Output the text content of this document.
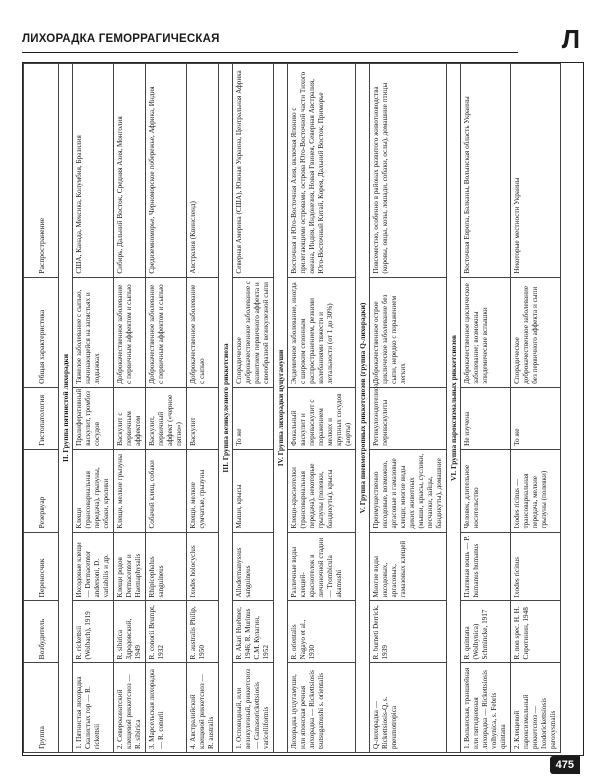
ЛИХОРАДКА ГЕМОРРАГИЧЕСКАЯ	Л
Группа	Возбудитель	Переносчик	Резервуар	Гистопатология	Общая характеристика	Распространение
II. Группа пятнистой лихорадки						
1. Пятнистая лихорадка Скалистых гор — R. rickettsii	R. rickettsii (Wolbach), 1919	Иксодовые клещи — Dermacentor andersoni, D. variabilis и др.	Клещи (трансовариальная передача), грызуны, собаки, кролики	Пролиферативный васкулит, тромбоз сосудов	Тяжелое заболевание с сыпью, начинающейся на запястьях и лодыжках	США, Канада, Мексика, Колумбия, Бразилия
2. Североазиатский клещевой риккетсиоз — R. sibirica	R. sibirica Здродовский, 1949	Клещи родов Dermacentor и Haemaphysalis	Клещи, мелкие грызуны	Васкулит с первичным аффектом	Доброкачественное заболевание с первичным аффектом и сыпью	Сибирь, Дальний Восток, Средняя Азия, Монголия
3. Марсельская лихорадка — R. conorii	R. conorii Brumpt, 1932	Rhipicephalus sanguineus	Собачий клещ, собаки	Васкулит, первичный аффект («черное пятно»)	Доброкачественное заболевание с первичным аффектом и сыпью	Средиземноморье, Черноморское побережье, Африка, Индия
4. Австралийский клещевой риккетсиоз — R. australis	R. australis Philip, 1950	Ixodes holocyclus	Клещи, мелкие сумчатые, грызуны	Васкулит	Доброкачественное заболевание с сыпью	Австралия (Квинсленд)
III. Группа везикулезного риккетсиоза						
1. Осповидный, или везикулезный, риккетсиоз — Gamasorickettsiosis varicelliformis	R. Akari Huebner, 1946; R. Murinus C.M. Кулагин, 1952	Allodermanyssus sanguineus	Мыши, крысы	То же	Спорадическое доброкачественное заболевание с развитием первичного аффекта и своеобразной везикулезной сыпи	Северная Америка (США), Южная Украина, Центральная Африка
IV. Группа лихорадки цуцугамуши						
Лихорадка цуцугамуши, или японская речная лихорадка — Rickettsiosis tsutsugamushi s. orientalis	R. orientalis Nagayo et al., 1930	Различные виды клещей-краснотелок в личиночной стадии — Trombicula akamushi	Клещи-краснотелки (трансовариальная передача), некоторые грызуны (полевки, бандикуты), крысы	Фокальный васкулит и периваскулит с поражением мелких и крупных сосудов (аорты)	Эндемичное заболевание, иногда с широким сезонным распространением, резкими колебаниями тяжести и летальности (от 1 до 30%)	Восточная и Юго-Восточная Азия, включая Японию с прилегающими островами, острова Юго-Восточной части Тихого океана, Индия, Индонезия, Новая Гвинея, Северная Австралия, Юго-Восточный Китай, Корея, Дальний Восток, Приморье
V. Группа пневмотропных риккетсиозов (группа Q-лихорадки)						
Q-лихорадка — Rickettsiosis-Q, s. pneumotropica	R. burneti Derrick, 1939	Многие виды иксодовых, аргасовых, гамазовых клещей	Преимущественно иксодовые, возможно, аргасовые и гамазовые клещи; многие виды диких животных (мыши, крысы, суслики, песчанки, зайцы, бандикуты), домашние	Ретикулоэндотелиоз, периваскулиты	Доброкачественное острое циклическое заболевание без сыпи, нередко с поражением легких	Повсеместно, особенно в районах развитого животноводства (коровы, овцы, козы, лошади, собаки, ослы), домашние птицы
VI. Группа пароксизмальных риккетсиозов						
1. Волынская, траншейная или пятидневная лихорадка — Rickettsiosis volhynica, s. Febris quintana	R. quintana (Wolhynica) Schmincke, 1917	Платяная вошь — P. humanus humanus	Человек, длительное носительство	Не изучена	Доброкачественное циклическое заболевание; возможны эпидемические вспышки	Восточная Европа, Балканы, Волынская область Украины
2. Клещевой пароксизмальный риккетсиоз — Ixodorickettsiosis paroxysmalis	R. non spec. Н. Н. Сиротинин, 1948	Ixodes ricinus	Ixodes ricinus — трансовариальная передача, мелкие грызуны (полевки)	То же	Спорадическое доброкачественное заболевание без первичного аффекта и сыпи	Некоторые местности Украины
475
